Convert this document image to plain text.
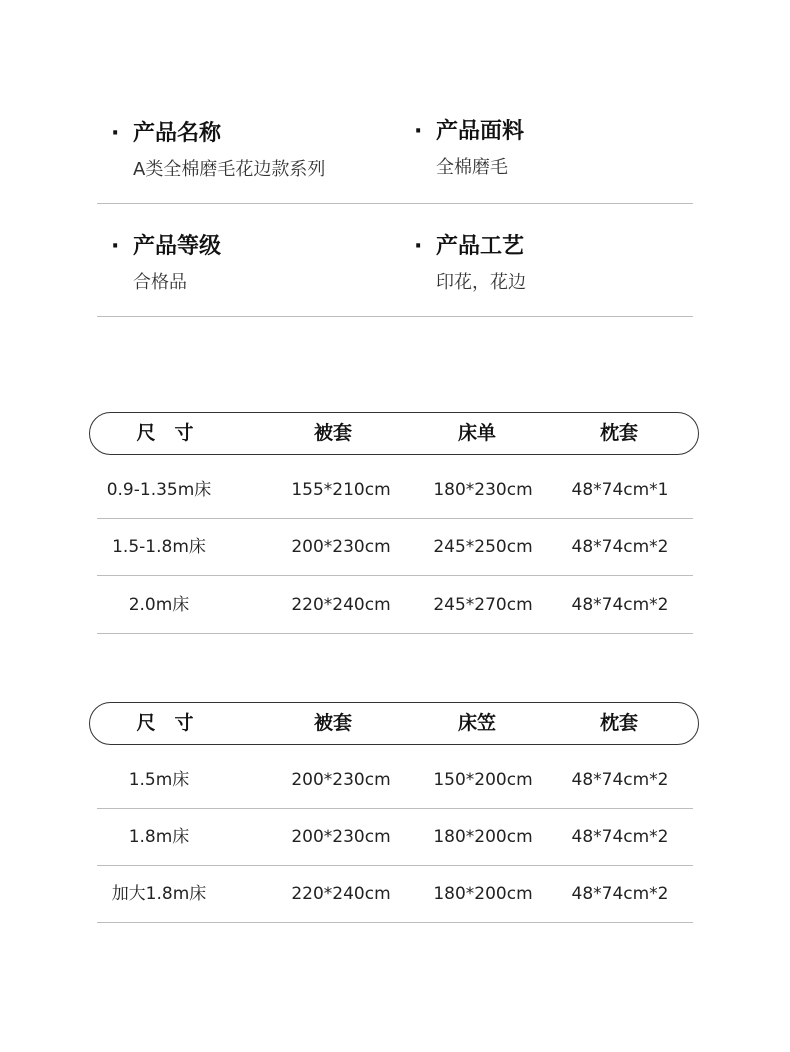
· 产品名称
A类全棉磨毛花边款系列
· 产品面料
全棉磨毛
· 产品等级
合格品
· 产品工艺
印花，花边
尺　寸	被套	床单	枕套
0.9-1.35m床	155*210cm	180*230cm	48*74cm*1
1.5-1.8m床	200*230cm	245*250cm	48*74cm*2
2.0m床	220*240cm	245*270cm	48*74cm*2
尺　寸	被套	床笠	枕套
1.5m床	200*230cm	150*200cm	48*74cm*2
1.8m床	200*230cm	180*200cm	48*74cm*2
加大1.8m床	220*240cm	180*200cm	48*74cm*2
